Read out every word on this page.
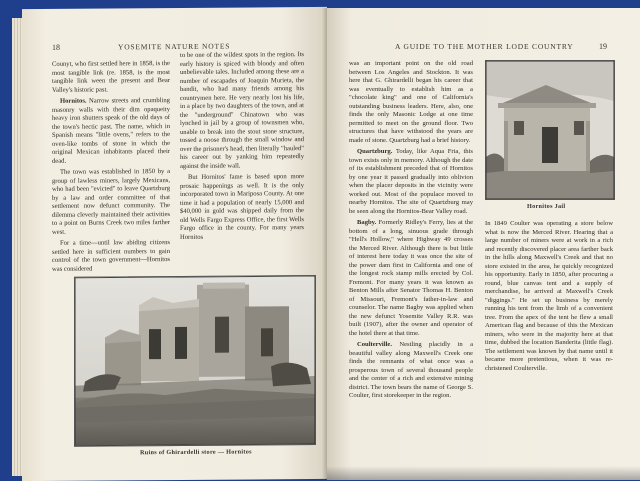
18	YOSEMITE NATURE NOTES

Counyt, who first settled here in 1858, is the most tangible link (re. 1858, is the most tangible link ween the present and Bear Valley's historic past.

Hornitos. Narrow streets and crumbling masonry walls with their dim opaqueity heavy iron shutters speak of the old days of the town's hectic past. The name, which in Spanish means "little ovens," refers to the oven-like tombs of stone in which the original Mexican inhabitants placed their dead.

The town was established in 1850 by a group of lawless miners, largely Mexicans, who had been "evicted" to leave Quartzburg by a law and order committee of that settlement now defunct community. The dilemma cleverly maintained their activities to a point on Burns Creek two miles farther west.

For a time—until law abiding citizens settled here in sufficient numbers to gain control of the town government—Hornitos was considered

to be one of the wildest spots in the region. Its early history is spiced with bloody and often unbelievable tales. Included among these are a number of escapades of Joaquin Murieta, the bandit, who had many friends among his countrymen here. He very nearly lost his life, in a place by two daughters of the town, and at the "underground" Chinatown who was lynched in jail by a group of townsmen who, unable to break into the stout stone structure, tossed a noose through the small window and over the prisoner's head, then literally "hauled" his career out by yanking him repeatedly against the inside wall.

But Hornitos' fame is based upon more prosaic happenings as well. It is the only incorporated town in Mariposa County. At one time it had a population of nearly 15,000 and $40,000 in gold was shipped daily from the old Wells Fargo Express Office, the first Wells Fargo office in the county. For many years Hornitos

Ruins of Ghirardelli store — Hornitos
A GUIDE TO THE MOTHER LODE COUNTRY	19

was an important point on the old road between Los Angeles and Stockton. It was here that G. Ghirardelli began his career that was eventually to establish him as a "chocolate king" and one of California's outstanding business leaders. Here, also, one finds the only Masonic Lodge at one time permitted to meet on the ground floor. Two structures that have withstood the years are made of stone. Quartzburg had a brief history.

Quartzburg. Today, like Aqua Fria, this town exists only in memory. Although the date of its establishment preceded that of Hornitos by one year it passed gradually into oblivion when the placer deposits in the vicinity were worked out. Most of the populace moved to nearby Hornitos. The site of Quartzburg may be seen along the Hornitos-Bear Valley road.

Bagby. Formerly Ridley's Ferry, lies at the bottom of a long, sinuous grade through "Hell's Hollow," where Highway 49 crosses the Merced River. Although there is but little of interest here today it was once the site of the power dam first in California and one of the longest rock stamp mills erected by Col. Fremont. For many years it was known as Benton Mills after Senator Thomas H. Benton of Missouri, Fremont's father-in-law and counselor. The name Bagby was applied when the new defunct Yosemite Valley R.R. was built (1907), after the owner and operator of the hotel there at that time.

Coulterville. Nestling placidly in a beautiful valley along Maxwell's Creek one finds the remnants of what once was a prosperous town of several thousand people and the center of a rich and extensive mining district. The town bears the name of George S. Coulter, first storekeeper in the region.

Hornitos Jail

In 1849 Coulter was operating a store below what is now the Merced River. Hearing that a large number of miners were at work in a rich and recently discovered placer area farther back in the hills along Maxwell's Creek and that no store existed in the area, he quickly recognized his opportunity. Early in 1850, after procuring a round, blue canvas tent and a supply of merchandise, he arrived at Maxwell's Creek "diggings." He set up business by merely running his tent from the limb of a convenient tree. From the apex of the tent he flew a small American flag and because of this the Mexican miners, who were in the majority here at that time, dubbed the location Banderita (little flag). The settlement was known by that name until it became more pretentious, when it was re-christened Coulterville.
